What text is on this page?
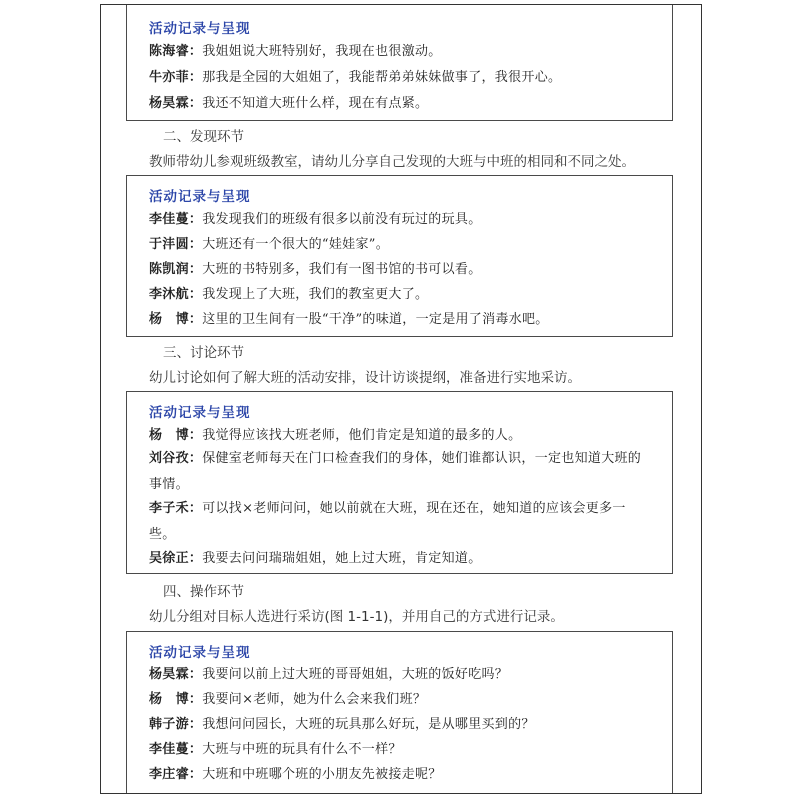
活动记录与呈现
陈海睿：我姐姐说大班特别好，我现在也很激动。
牛亦菲：那我是全园的大姐姐了，我能帮弟弟妹妹做事了，我很开心。
杨昊霖：我还不知道大班什么样，现在有点紧。
二、发现环节
教师带幼儿参观班级教室，请幼儿分享自己发现的大班与中班的相同和不同之处。
活动记录与呈现
李佳蔓：我发现我们的班级有很多以前没有玩过的玩具。
于沣圆：大班还有一个很大的“娃娃家”。
陈凯润：大班的书特别多，我们有一图书馆的书可以看。
李沐航：我发现上了大班，我们的教室更大了。
杨　博：这里的卫生间有一股“干净”的味道，一定是用了消毒水吧。
三、讨论环节
幼儿讨论如何了解大班的活动安排，设计访谈提纲，准备进行实地采访。
活动记录与呈现
杨　博：我觉得应该找大班老师，他们肯定是知道的最多的人。
刘谷孜：保健室老师每天在门口检查我们的身体，她们谁都认识，一定也知道大班的事情。
李子禾：可以找×老师问问，她以前就在大班，现在还在，她知道的应该会更多一些。
吴徐正：我要去问问瑞瑞姐姐，她上过大班，肯定知道。
四、操作环节
幼儿分组对目标人选进行采访(图 1-1-1)，并用自己的方式进行记录。
活动记录与呈现
杨昊霖：我要问以前上过大班的哥哥姐姐，大班的饭好吃吗？
杨　博：我要问×老师，她为什么会来我们班？
韩子游：我想问问园长，大班的玩具那么好玩，是从哪里买到的？
李佳蔓：大班与中班的玩具有什么不一样？
李庄睿：大班和中班哪个班的小朋友先被接走呢？
